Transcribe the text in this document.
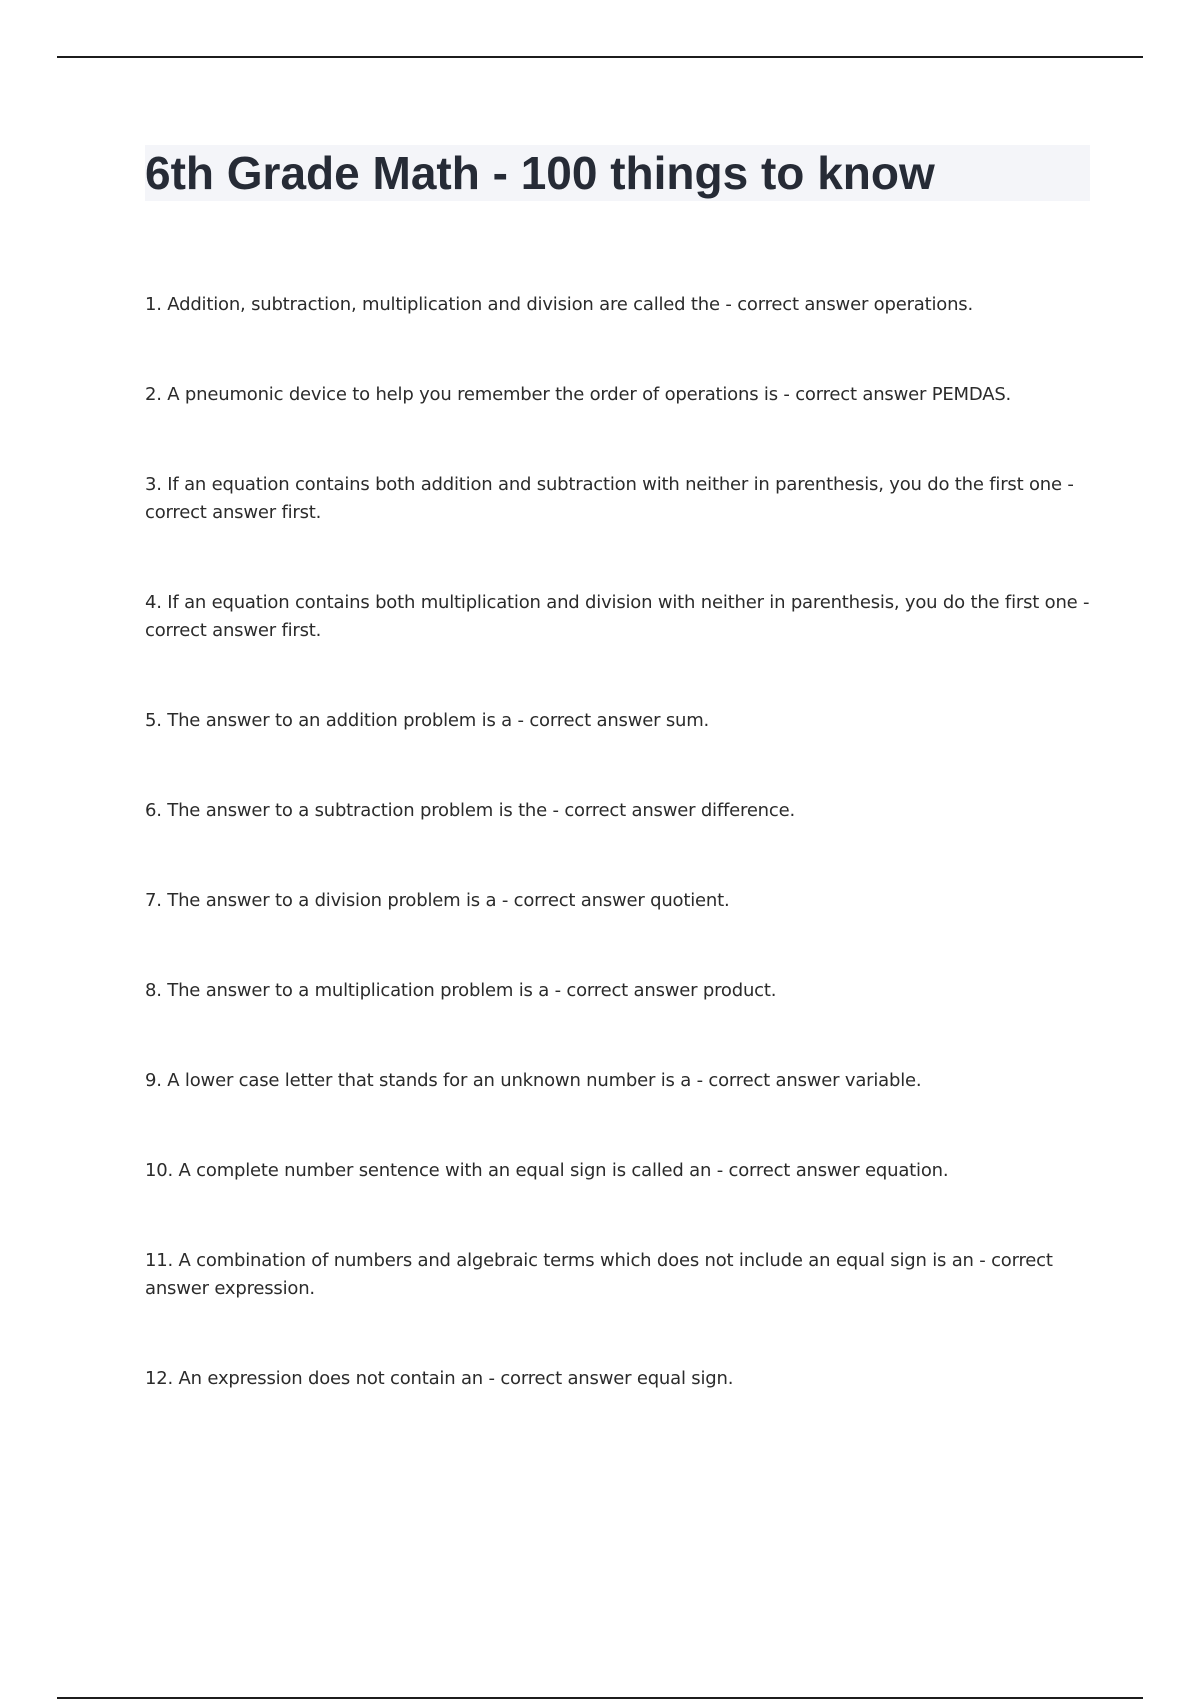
6th Grade Math - 100 things to know
1. Addition, subtraction, multiplication and division are called the - correct answer operations.
2. A pneumonic device to help you remember the order of operations is - correct answer PEMDAS.
3. If an equation contains both addition and subtraction with neither in parenthesis, you do the first one - correct answer first.
4. If an equation contains both multiplication and division with neither in parenthesis, you do the first one - correct answer first.
5. The answer to an addition problem is a - correct answer sum.
6. The answer to a subtraction problem is the - correct answer difference.
7. The answer to a division problem is a - correct answer quotient.
8. The answer to a multiplication problem is a - correct answer product.
9. A lower case letter that stands for an unknown number is a - correct answer variable.
10. A complete number sentence with an equal sign is called an - correct answer equation.
11. A combination of numbers and algebraic terms which does not include an equal sign is an - correct answer expression.
12. An expression does not contain an - correct answer equal sign.
